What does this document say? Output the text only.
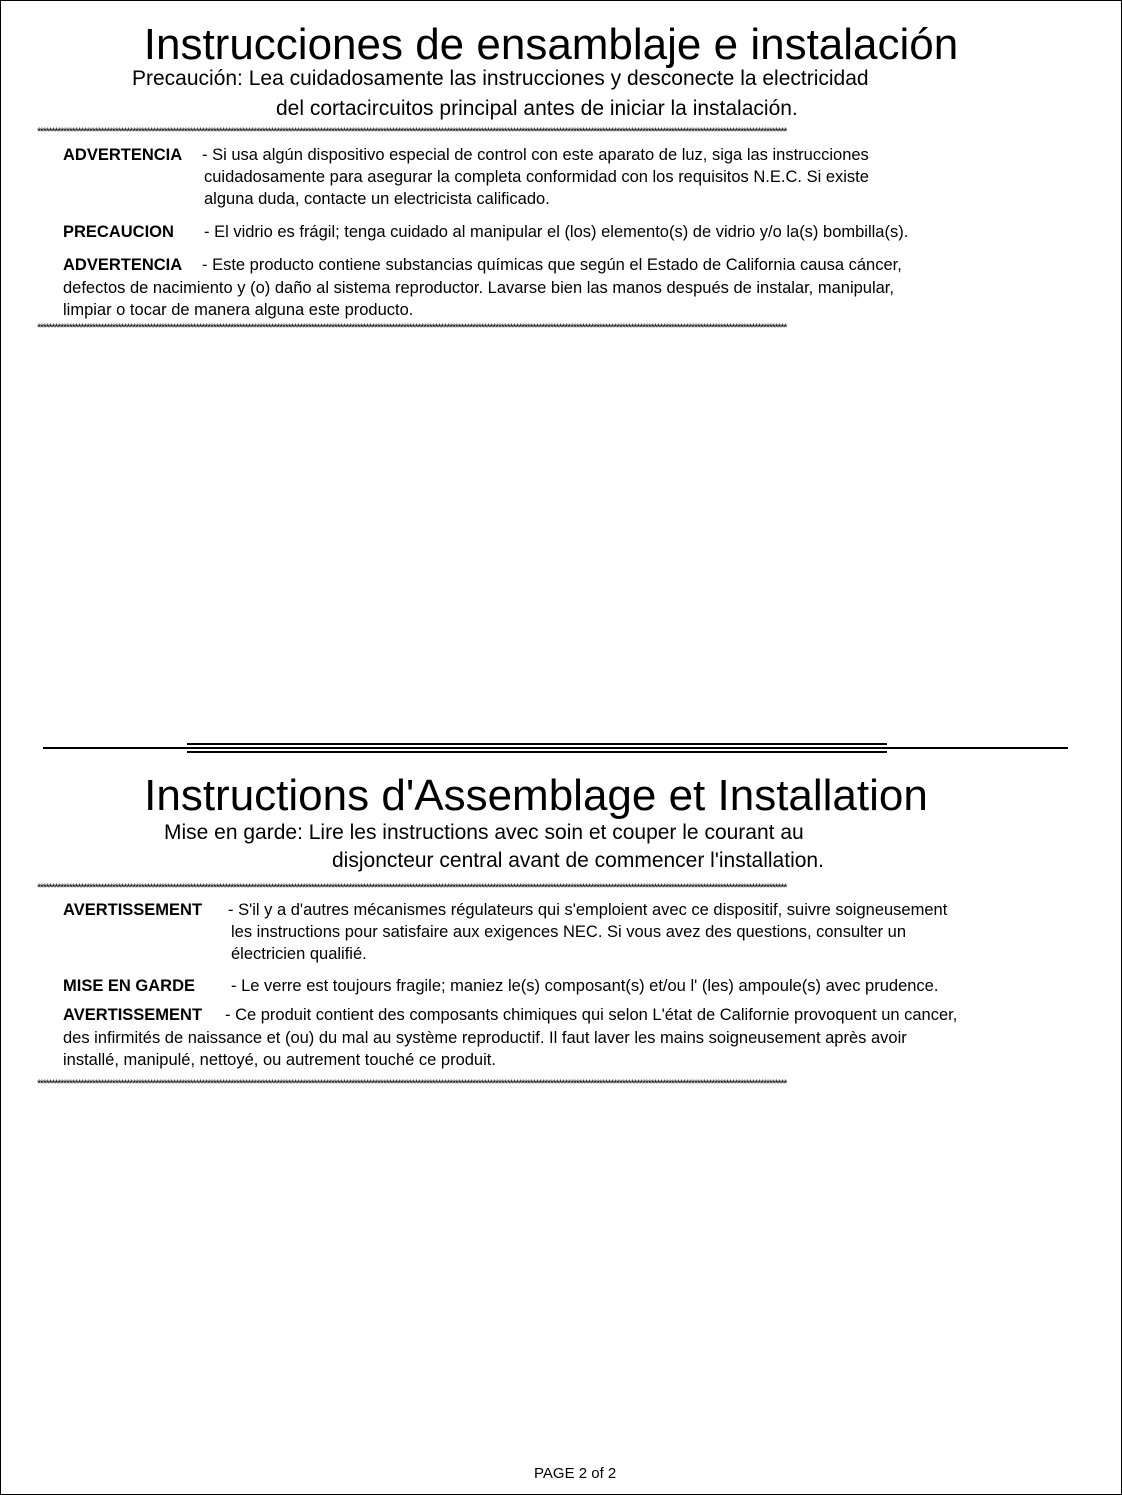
Instrucciones de ensamblaje e instalación
Precaución: Lea cuidadosamente las instrucciones y desconecte la electricidad
del cortacircuitos principal antes de iniciar la instalación.
********************************************************************************************************************************************************************************************************************************************************************
ADVERTENCIA - Si usa algún dispositivo especial de control con este aparato de luz, siga las instrucciones
cuidadosamente para asegurar la completa conformidad con los requisitos N.E.C. Si existe
alguna duda, contacte un electricista calificado.
PRECAUCION - El vidrio es frágil; tenga cuidado al manipular el (los) elemento(s) de vidrio y/o la(s) bombilla(s).
ADVERTENCIA - Este producto contiene substancias químicas que según el Estado de California causa cáncer,
defectos de nacimiento y (o) daño al sistema reproductor. Lavarse bien las manos después de instalar, manipular,
limpiar o tocar de manera alguna este producto.
********************************************************************************************************************************************************************************************************************************************************************
Instructions d'Assemblage et Installation
Mise en garde: Lire les instructions avec soin et couper le courant au
disjoncteur central avant de commencer l'installation.
********************************************************************************************************************************************************************************************************************************************************************
AVERTISSEMENT - S'il y a d'autres mécanismes régulateurs qui s'emploient avec ce dispositif, suivre soigneusement
les instructions pour satisfaire aux exigences NEC. Si vous avez des questions, consulter un
électricien qualifié.
MISE EN GARDE - Le verre est toujours fragile; maniez le(s) composant(s) et/ou l' (les) ampoule(s) avec prudence.
AVERTISSEMENT - Ce produit contient des composants chimiques qui selon L'état de Californie provoquent un cancer,
des infirmités de naissance et (ou) du mal au système reproductif. Il faut laver les mains soigneusement après avoir
installé, manipulé, nettoyé, ou autrement touché ce produit.
********************************************************************************************************************************************************************************************************************************************************************
PAGE 2 of 2
